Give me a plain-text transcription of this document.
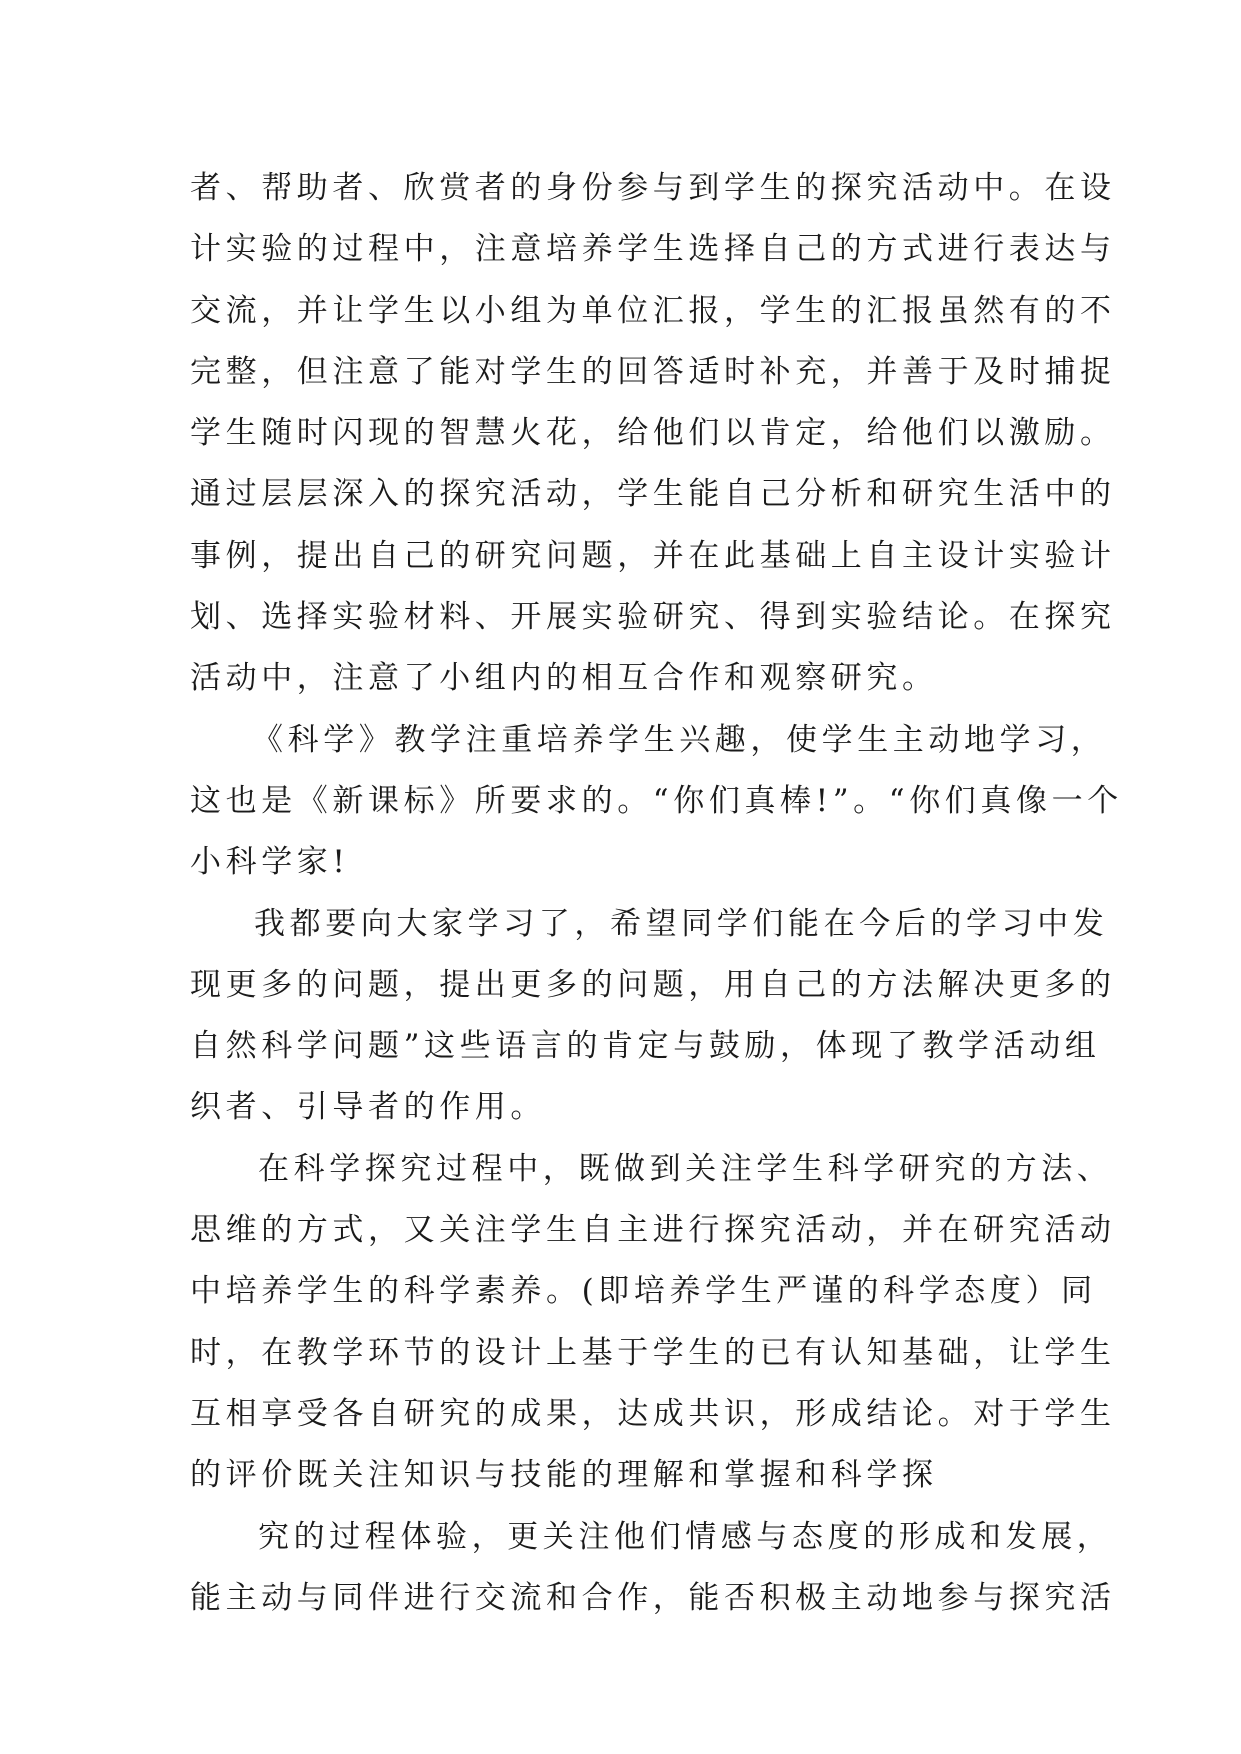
者、帮助者、欣赏者的身份参与到学生的探究活动中。在设
计实验的过程中，注意培养学生选择自己的方式进行表达与
交流，并让学生以小组为单位汇报，学生的汇报虽然有的不
完整，但注意了能对学生的回答适时补充，并善于及时捕捉
学生随时闪现的智慧火花，给他们以肯定，给他们以激励。
通过层层深入的探究活动，学生能自己分析和研究生活中的
事例，提出自己的研究问题，并在此基础上自主设计实验计
划、选择实验材料、开展实验研究、得到实验结论。在探究
活动中，注意了小组内的相互合作和观察研究。
《科学》教学注重培养学生兴趣，使学生主动地学习，
这也是《新课标》所要求的。“你们真棒!”。“你们真像一个
小科学家!
我都要向大家学习了，希望同学们能在今后的学习中发
现更多的问题，提出更多的问题，用自己的方法解决更多的
自然科学问题”这些语言的肯定与鼓励，体现了教学活动组
织者、引导者的作用。
在科学探究过程中，既做到关注学生科学研究的方法、
思维的方式，又关注学生自主进行探究活动，并在研究活动
中培养学生的科学素养。(即培养学生严谨的科学态度）同
时，在教学环节的设计上基于学生的已有认知基础，让学生
互相享受各自研究的成果，达成共识，形成结论。对于学生
的评价既关注知识与技能的理解和掌握和科学探
究的过程体验，更关注他们情感与态度的形成和发展，
能主动与同伴进行交流和合作，能否积极主动地参与探究活
